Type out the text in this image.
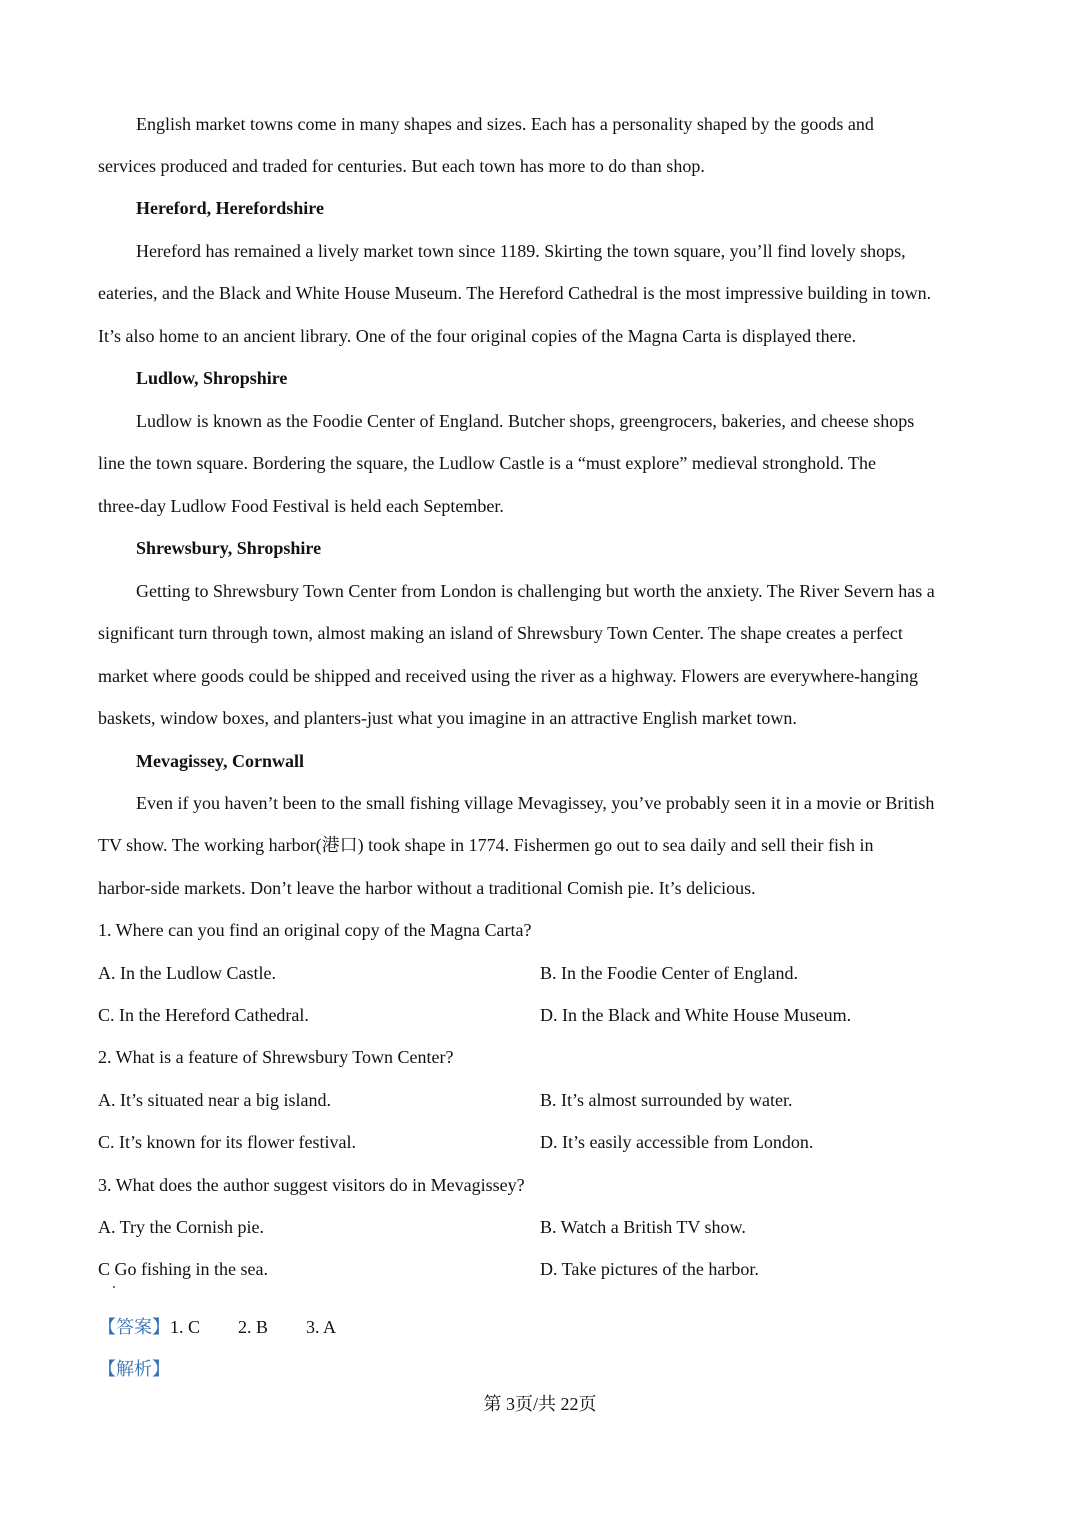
English market towns come in many shapes and sizes. Each has a personality shaped by the goods and
services produced and traded for centuries. But each town has more to do than shop.
Hereford, Herefordshire
Hereford has remained a lively market town since 1189. Skirting the town square, you’ll find lovely shops,
eateries, and the Black and White House Museum. The Hereford Cathedral is the most impressive building in town.
It’s also home to an ancient library. One of the four original copies of the Magna Carta is displayed there.
Ludlow, Shropshire
Ludlow is known as the Foodie Center of England. Butcher shops, greengrocers, bakeries, and cheese shops
line the town square. Bordering the square, the Ludlow Castle is a “must explore” medieval stronghold. The
three-day Ludlow Food Festival is held each September.
Shrewsbury, Shropshire
Getting to Shrewsbury Town Center from London is challenging but worth the anxiety. The River Severn has a
significant turn through town, almost making an island of Shrewsbury Town Center. The shape creates a perfect
market where goods could be shipped and received using the river as a highway. Flowers are everywhere-hanging
baskets, window boxes, and planters-just what you imagine in an attractive English market town.
Mevagissey, Cornwall
Even if you haven’t been to the small fishing village Mevagissey, you’ve probably seen it in a movie or British
TV show. The working harbor(港口) took shape in 1774. Fishermen go out to sea daily and sell their fish in
harbor-side markets. Don’t leave the harbor without a traditional Comish pie. It’s delicious.
1. Where can you find an original copy of the Magna Carta?
A. In the Ludlow Castle.	B. In the Foodie Center of England.
C. In the Hereford Cathedral.	D. In the Black and White House Museum.
2. What is a feature of Shrewsbury Town Center?
A. It’s situated near a big island.	B. It’s almost surrounded by water.
C. It’s known for its flower festival.	D. It’s easily accessible from London.
3. What does the author suggest visitors do in Mevagissey?
A. Try the Cornish pie.	B. Watch a British TV show.
C Go fishing in the sea.	D. Take pictures of the harbor.
【答案】1. C 2. B 3. A
【解析】
第 3页/共 22页
